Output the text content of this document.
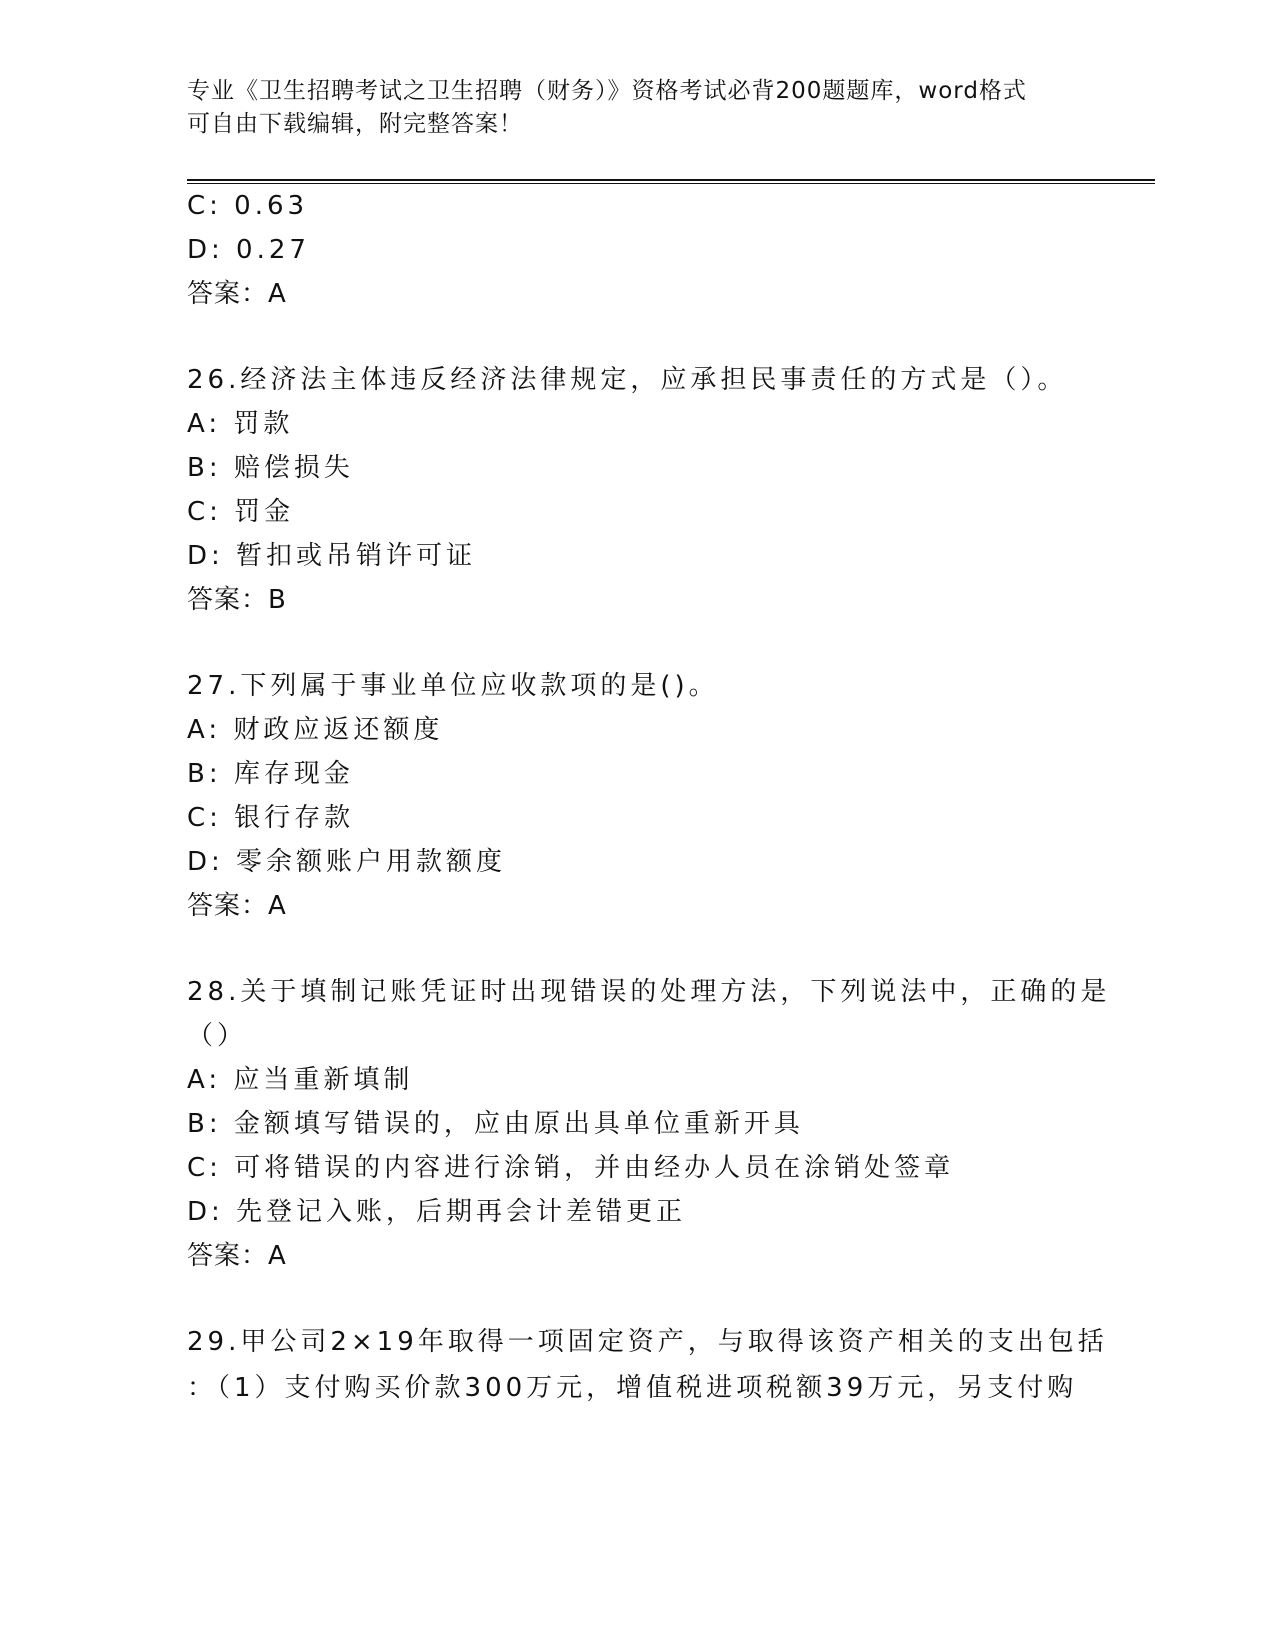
专业《卫生招聘考试之卫生招聘（财务）》资格考试必背200题题库，word格式
可自由下载编辑，附完整答案！
C: 0.63
D: 0.27
答案：A
26.经济法主体违反经济法律规定，应承担民事责任的方式是（）。
A: 罚款
B: 赔偿损失
C: 罚金
D: 暂扣或吊销许可证
答案：B
27.下列属于事业单位应收款项的是()。
A: 财政应返还额度
B: 库存现金
C: 银行存款
D: 零余额账户用款额度
答案：A
28.关于填制记账凭证时出现错误的处理方法，下列说法中，正确的是
（）
A: 应当重新填制
B: 金额填写错误的，应由原出具单位重新开具
C: 可将错误的内容进行涂销，并由经办人员在涂销处签章
D: 先登记入账，后期再会计差错更正
答案：A
29.甲公司2×19年取得一项固定资产，与取得该资产相关的支出包括
：（1）支付购买价款300万元，增值税进项税额39万元，另支付购
